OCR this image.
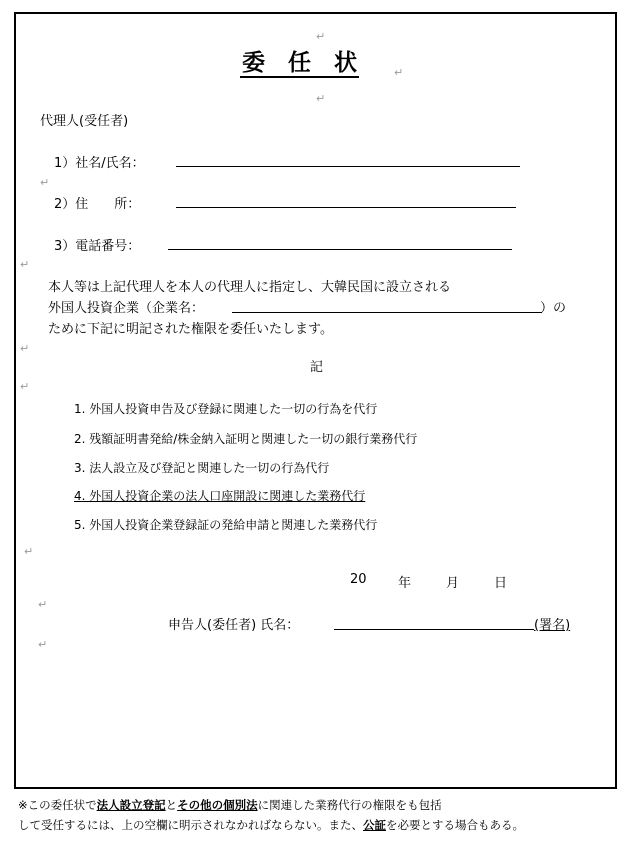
↵
↵
委　任　状	↵
代理人(受任者)
1）社名/氏名：
↵
2）住　　所：
3）電話番号：
↵
本人等は上記代理人を本人の代理人に指定し、大韓民国に設立される
外国人投資企業（企業名：	）の
ために下記に明記された権限を委任いたします。
↵
記
↵
1. 外国人投資申告及び登録に関連した一切の行為を代行
2. 残額証明書発給/株金納入証明と関連した一切の銀行業務代行
3. 法人設立及び登記と関連した一切の行為代行
4. 外国人投資企業の法人口座開設に関連した業務代行
5. 外国人投資企業登録証の発給申請と関連した業務代行
↵
20 年	月	日
↵
申告人(委任者) 氏名：	(署名)
↵
※この委任状で法人設立登記とその他の個別法に関連した業務代行の権限をも包括
して受任するには、上の空欄に明示されなかればならない。また、公証を必要とする場合もある。
